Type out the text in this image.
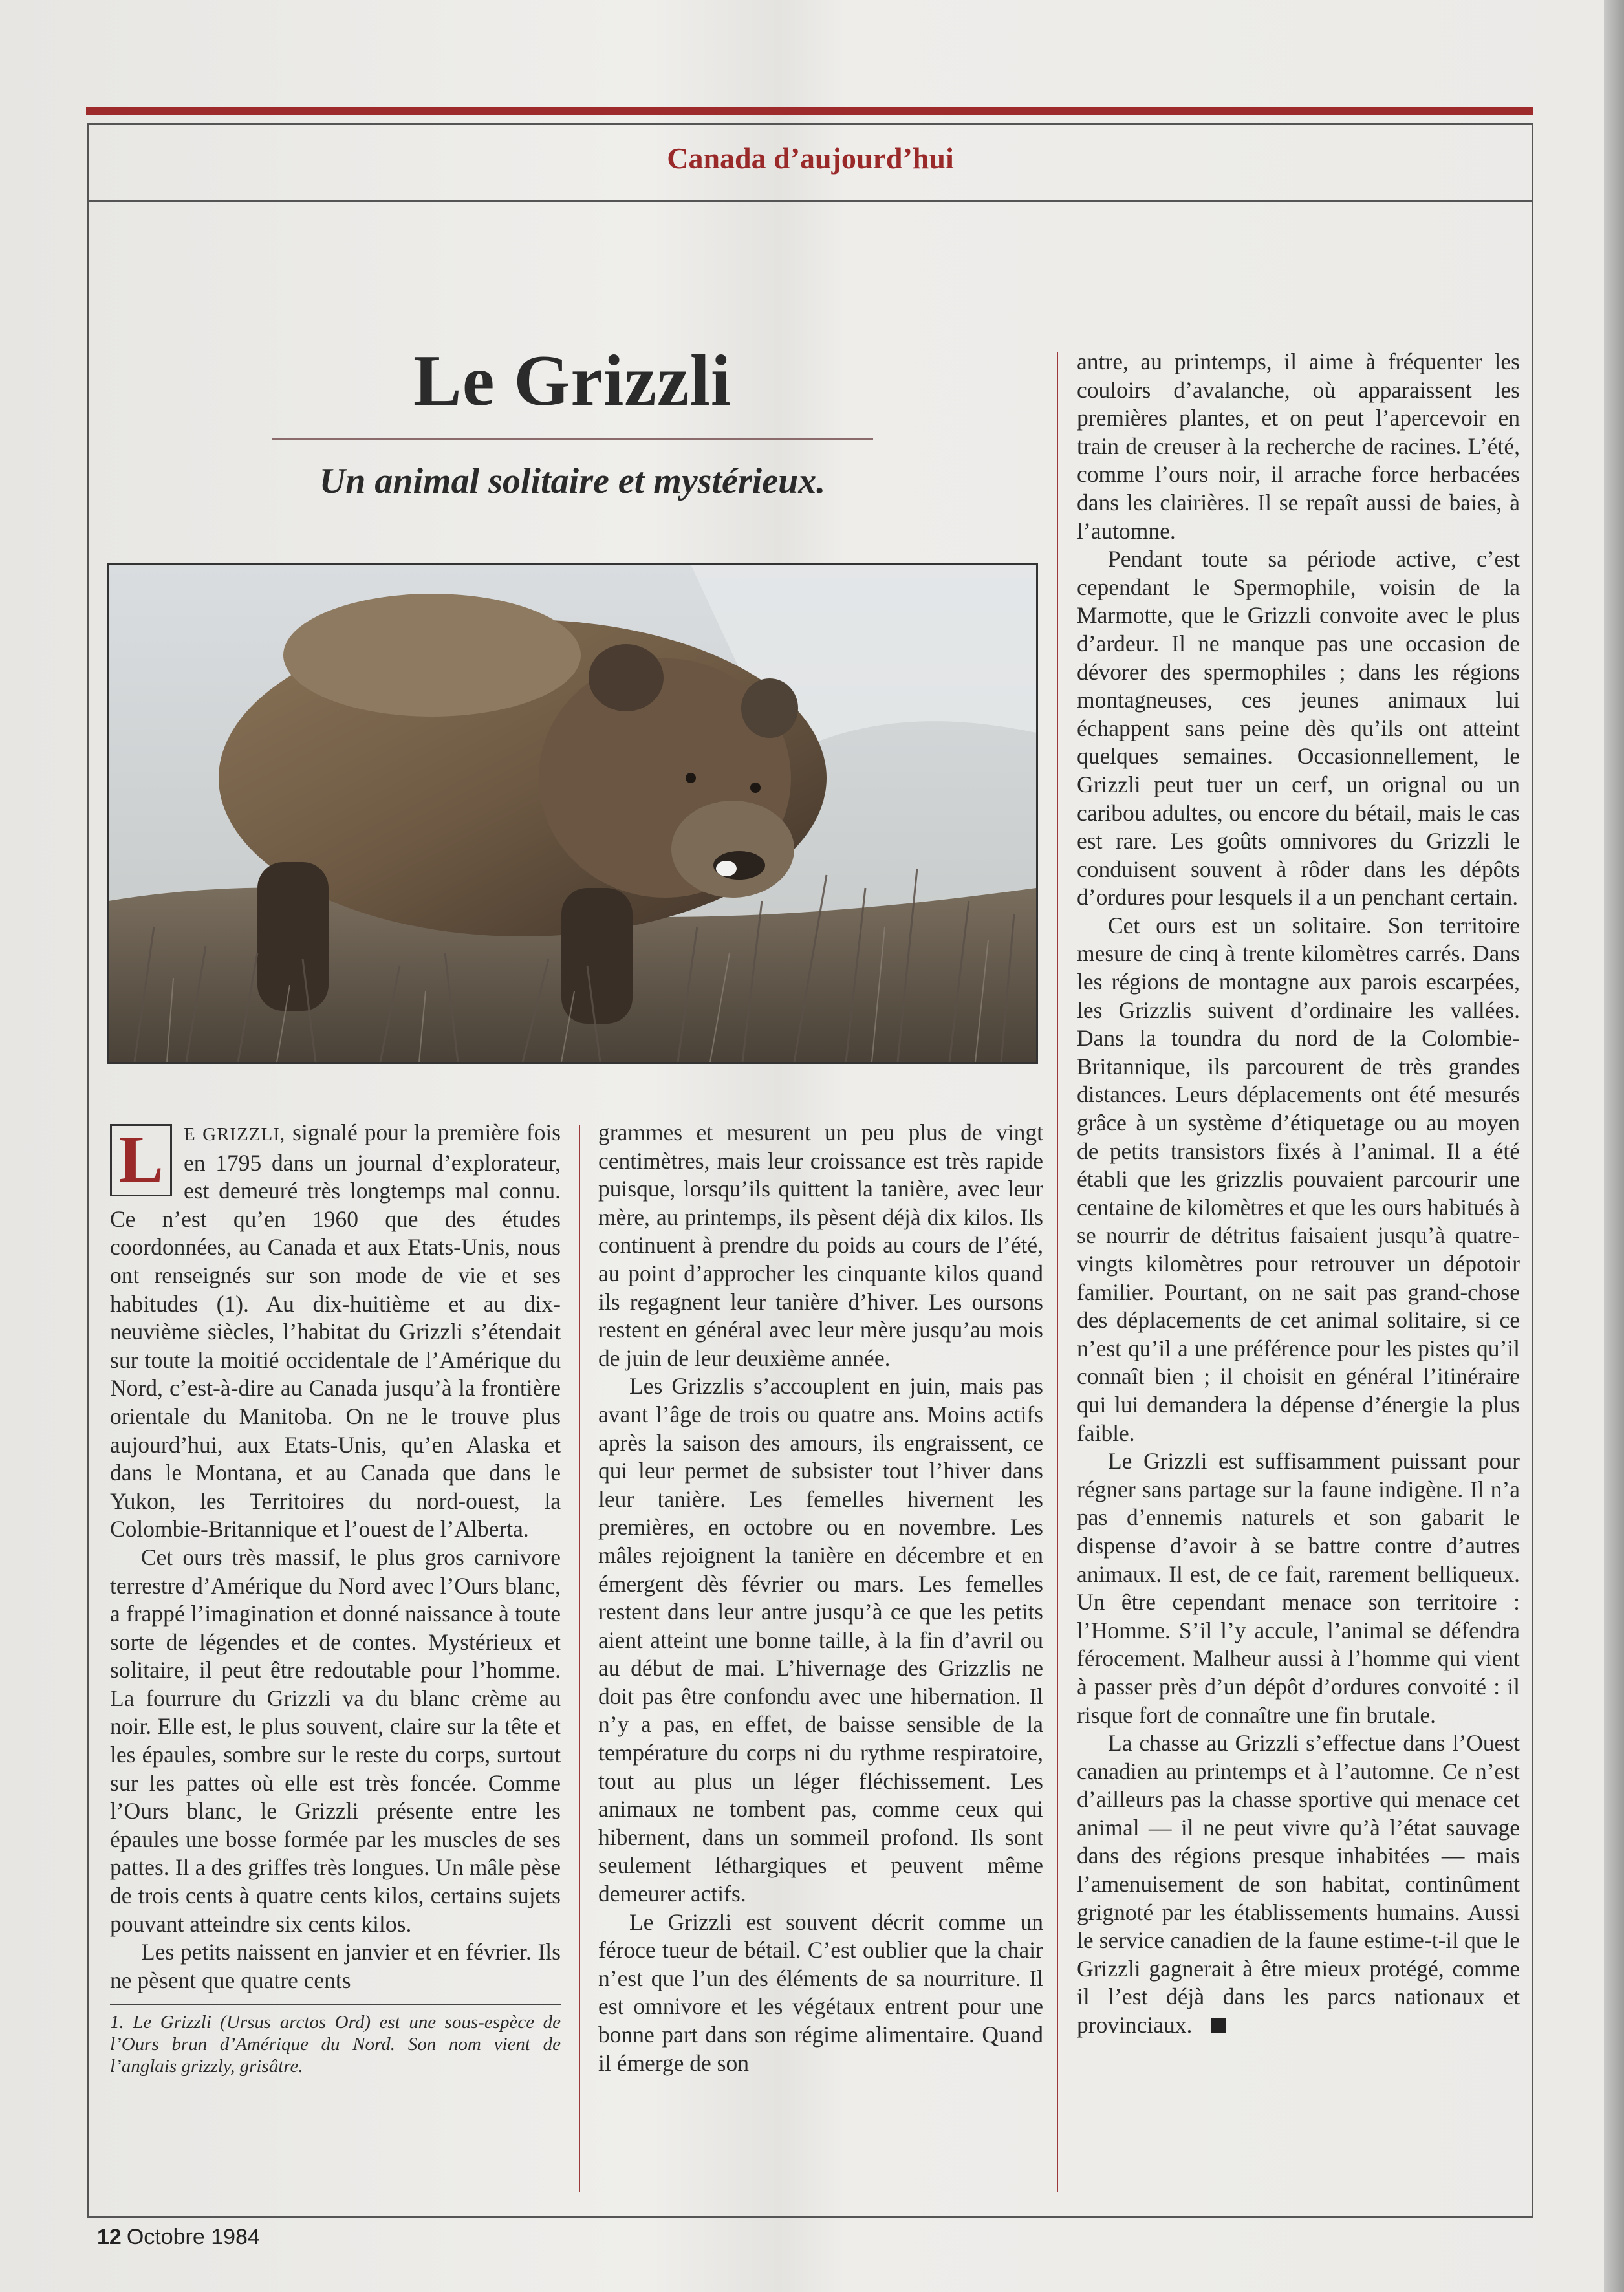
Canada d’aujourd’hui
Le Grizzli
Un animal solitaire et mystérieux.

L	E GRIZZLI, signalé pour la première fois en 1795 dans un journal d’explorateur, est demeuré très longtemps mal connu. Ce n’est qu’en 1960 que des études coordonnées, au Canada et aux Etats-Unis, nous ont renseignés sur son mode de vie et ses habitudes (1). Au dix-huitième et au dix-neuvième siècles, l’habitat du Grizzli s’étendait sur toute la moitié occidentale de l’Amérique du Nord, c’est-à-dire au Canada jusqu’à la frontière orientale du Manitoba. On ne le trouve plus aujourd’hui, aux Etats-Unis, qu’en Alaska et dans le Montana, et au Canada que dans le Yukon, les Territoires du nord-ouest, la Colombie-Britannique et l’ouest de l’Alberta.

Cet ours très massif, le plus gros carnivore terrestre d’Amérique du Nord avec l’Ours blanc, a frappé l’imagination et donné naissance à toute sorte de légendes et de contes. Mystérieux et solitaire, il peut être redoutable pour l’homme. La fourrure du Grizzli va du blanc crème au noir. Elle est, le plus souvent, claire sur la tête et les épaules, sombre sur le reste du corps, surtout sur les pattes où elle est très foncée. Comme l’Ours blanc, le Grizzli présente entre les épaules une bosse formée par les muscles de ses pattes. Il a des griffes très longues. Un mâle pèse de trois cents à quatre cents kilos, certains sujets pouvant atteindre six cents kilos.

Les petits naissent en janvier et en février. Ils ne pèsent que quatre cents

1. Le Grizzli (Ursus arctos Ord) est une sous-espèce de l’Ours brun d’Amérique du Nord. Son nom vient de l’anglais grizzly, grisâtre.

grammes et mesurent un peu plus de vingt centimètres, mais leur croissance est très rapide puisque, lorsqu’ils quittent la tanière, avec leur mère, au printemps, ils pèsent déjà dix kilos. Ils continuent à prendre du poids au cours de l’été, au point d’approcher les cinquante kilos quand ils regagnent leur tanière d’hiver. Les oursons restent en général avec leur mère jusqu’au mois de juin de leur deuxième année.

Les Grizzlis s’accouplent en juin, mais pas avant l’âge de trois ou quatre ans. Moins actifs après la saison des amours, ils engraissent, ce qui leur permet de subsister tout l’hiver dans leur tanière. Les femelles hivernent les premières, en octobre ou en novembre. Les mâles rejoignent la tanière en décembre et en émergent dès février ou mars. Les femelles restent dans leur antre jusqu’à ce que les petits aient atteint une bonne taille, à la fin d’avril ou au début de mai. L’hivernage des Grizzlis ne doit pas être confondu avec une hibernation. Il n’y a pas, en effet, de baisse sensible de la température du corps ni du rythme respiratoire, tout au plus un léger fléchissement. Les animaux ne tombent pas, comme ceux qui hibernent, dans un sommeil profond. Ils sont seulement léthargiques et peuvent même demeurer actifs.

Le Grizzli est souvent décrit comme un féroce tueur de bétail. C’est oublier que la chair n’est que l’un des éléments de sa nourriture. Il est omnivore et les végétaux entrent pour une bonne part dans son régime alimentaire. Quand il émerge de son

antre, au printemps, il aime à fréquenter les couloirs d’avalanche, où apparaissent les premières plantes, et on peut l’apercevoir en train de creuser à la recherche de racines. L’été, comme l’ours noir, il arrache force herbacées dans les clairières. Il se repaît aussi de baies, à l’automne.

Pendant toute sa période active, c’est cependant le Spermophile, voisin de la Marmotte, que le Grizzli convoite avec le plus d’ardeur. Il ne manque pas une occasion de dévorer des spermophiles ; dans les régions montagneuses, ces jeunes animaux lui échappent sans peine dès qu’ils ont atteint quelques semaines. Occasionnellement, le Grizzli peut tuer un cerf, un orignal ou un caribou adultes, ou encore du bétail, mais le cas est rare. Les goûts omnivores du Grizzli le conduisent souvent à rôder dans les dépôts d’ordures pour lesquels il a un penchant certain.

Cet ours est un solitaire. Son territoire mesure de cinq à trente kilomètres carrés. Dans les régions de montagne aux parois escarpées, les Grizzlis suivent d’ordinaire les vallées. Dans la toundra du nord de la Colombie-Britannique, ils parcourent de très grandes distances. Leurs déplacements ont été mesurés grâce à un système d’étiquetage ou au moyen de petits transistors fixés à l’animal. Il a été établi que les grizzlis pouvaient parcourir une centaine de kilomètres et que les ours habitués à se nourrir de détritus faisaient jusqu’à quatre-vingts kilomètres pour retrouver un dépotoir familier. Pourtant, on ne sait pas grand-chose des déplacements de cet animal solitaire, si ce n’est qu’il a une préférence pour les pistes qu’il connaît bien ; il choisit en général l’itinéraire qui lui demandera la dépense d’énergie la plus faible.

Le Grizzli est suffisamment puissant pour régner sans partage sur la faune indigène. Il n’a pas d’ennemis naturels et son gabarit le dispense d’avoir à se battre contre d’autres animaux. Il est, de ce fait, rarement belliqueux. Un être cependant menace son territoire : l’Homme. S’il l’y accule, l’animal se défendra férocement. Malheur aussi à l’homme qui vient à passer près d’un dépôt d’ordures convoité : il risque fort de connaître une fin brutale.

La chasse au Grizzli s’effectue dans l’Ouest canadien au printemps et à l’automne. Ce n’est d’ailleurs pas la chasse sportive qui menace cet animal — il ne peut vivre qu’à l’état sauvage dans des régions presque inhabitées — mais l’amenuisement de son habitat, continûment grignoté par les établissements humains. Aussi le service canadien de la faune estime-t-il que le Grizzli gagnerait à être mieux protégé, comme il l’est déjà dans les parcs nationaux et provinciaux.

12 Octobre 1984
